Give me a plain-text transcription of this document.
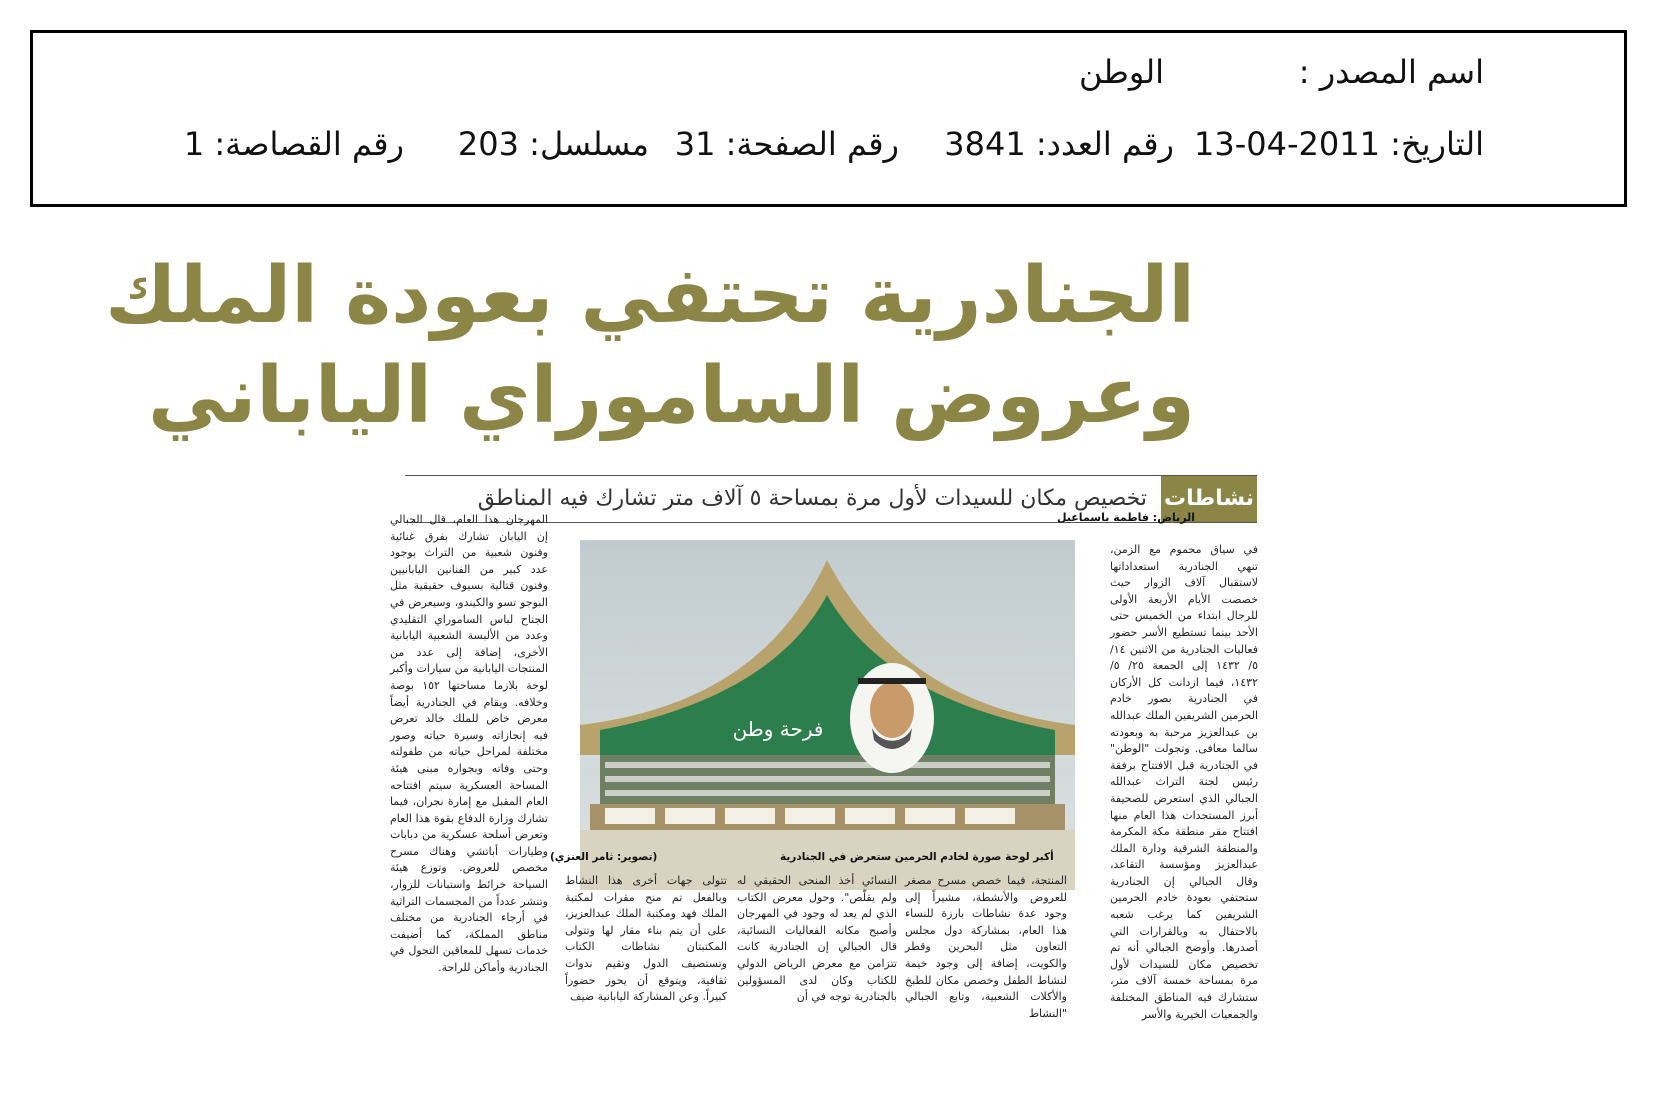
اسم المصدر :
الوطن
التاريخ: 2011-04-13
رقم العدد: 3841
رقم الصفحة: 31
مسلسل: 203
رقم القصاصة: 1
الجنادرية تحتفي بعودة الملك
وعروض الساموراي الياباني
نشاطات
تخصيص مكان للسيدات لأول مرة بمساحة ٥ آلاف متر تشارك فيه المناطق
الرياض: فاطمة باسماعيل
في سياق محموم مع الزمن، تنهي الجنادرية استعداداتها لاستقبال آلاف الزوار حيث خصصت الأيام الأربعة الأولى للرجال ابتداء من الخميس حتى الأحد بينما تستطيع الأسر حضور فعاليات الجنادرية من الاثنين ١٤/ ٥/ ١٤٣٢ إلى الجمعة ٢٥/ ٥/ ١٤٣٢، فيما ازدانت كل الأركان في الجنادرية بصور خادم الحرمين الشريفين الملك عبدالله بن عبدالعزيز مرحبة به وبعودته سالما معافى. وتجولت "الوطن" في الجنادرية قبل الافتتاح برفقة رئيس لجنة التراث عبدالله الجبالي الذي استعرض للصحيفة أبرز المستجدات هذا العام منها افتتاح مقر منطقة مكة المكرمة والمنطقة الشرقية ودارة الملك عبدالعزيز ومؤسسة التقاعد، وقال الجبالي إن الجنادرية ستحتفي بعودة خادم الحرمين الشريفين كما يرغب شعبه بالاحتفال به وبالقرارات التي أصدرها. وأوضح الجبالي أنه تم تخصيص مكان للسيدات لأول مرة بمساحة خمسة آلاف متر، ستشارك فيه المناطق المختلفة والجمعيات الخيرية والأسر
المهرجان هذا العام، قال الجبالي إن اليابان تشارك بفرق غنائية وفنون شعبية من التراث بوجود عدد كبير من الفنانين اليابانيين وفنون قتالية بسيوف حقيقية مثل البوجو تسو والكيندو، وسيعرض في الجناح لباس الساموراي التقليدي وعدد من الألبسة الشعبية اليابانية الأخرى، إضافة إلى عدد من المنتجات اليابانية من سيارات وأكبر لوحة بلازما مساحتها ١٥٢ بوصة وخلافه. ويقام في الجنادرية أيضاً معرض خاص للملك خالد تعرض فيه إنجازاته وسيرة حياته وصور مختلفة لمراحل حياته من طفولته وحتى وفاته وبجواره مبنى هيئة المساحة العسكرية سيتم افتتاحه العام المقبل مع إمارة نجران، فيما تشارك وزارة الدفاع بقوة هذا العام وتعرض أسلحة عسكرية من دبابات وطيارات أباتشي وهناك مسرح مخصص للعروض. وتوزع هيئة السياحة خرائط واستبانات للزوار، وتنشر عدداً من المجسمات التراثية في أرجاء الجنادرية من مختلف مناطق المملكة، كما أضيفت خدمات تسهل للمعاقين التجول في الجنادرية وأماكن للراحة.
فرحة وطن
أكبر لوحة صورة لخادم الحرمين ستعرض في الجنادرية
(تصوير: ثامر العنزي)
المنتجة، فيما خصص مسرح مصغر للعروض والأنشطة، مشيراً إلى وجود عدة نشاطات بارزة للنساء هذا العام، بمشاركة دول مجلس التعاون مثل البحرين وقطر والكويت، إضافة إلى وجود خيمة لنشاط الطفل وخصص مكان للطبخ والأكلات الشعبية، وتابع الجبالي "النشاط
النسائي أخذ المنحى الحقيقي له ولم يقلّص". وحول معرض الكتاب الذي لم يعد له وجود في المهرجان وأصبح مكانه الفعاليات النسائية، قال الجبالي إن الجنادرية كانت تتزامن مع معرض الرياض الدولي للكتاب وكان لدى المسؤولين بالجنادرية توجه في أن
تتولى جهات أخرى هذا النشاط وبالفعل تم منح مقرات لمكتبة الملك فهد ومكتبة الملك عبدالعزيز، على أن يتم بناء مقار لها وتتولى المكتبتان نشاطات الكتاب وتستضيف الدول وتقيم ندوات ثقافية، ويتوقع أن يحوز حضوراً كبيراً. وعن المشاركة اليابانية ضيف
